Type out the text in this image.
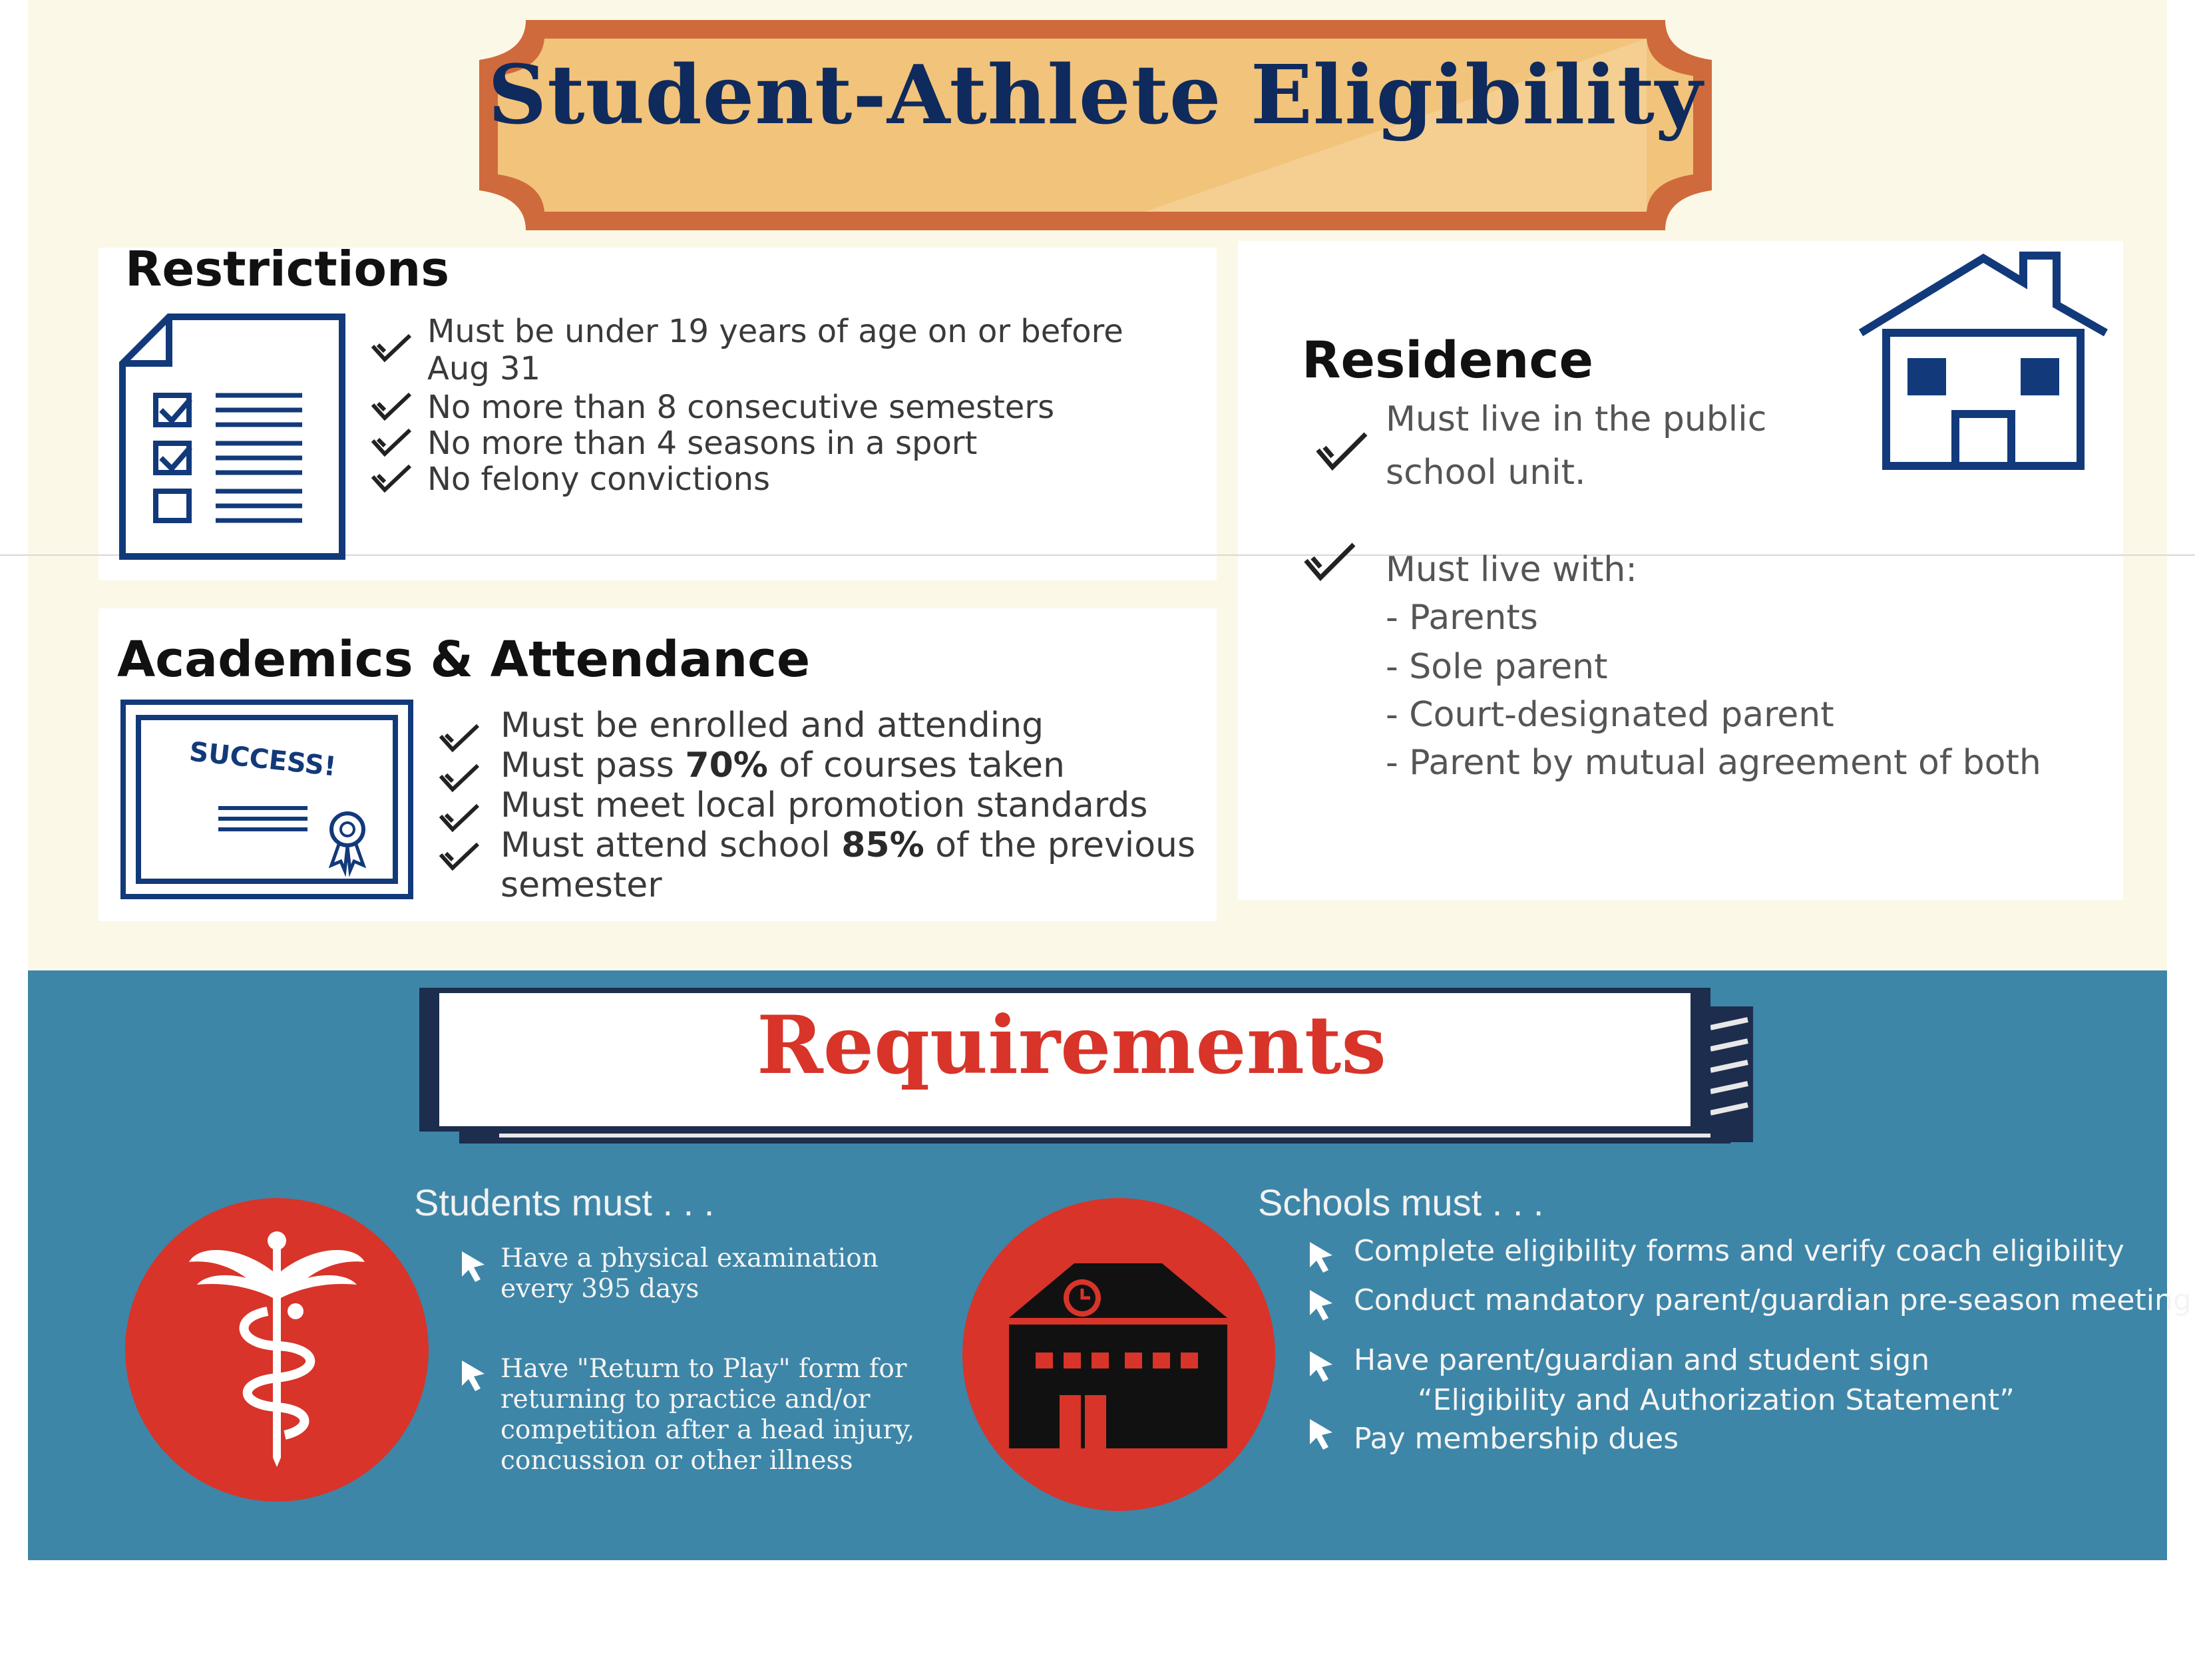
Student-Athlete Eligibility
Restrictions
Must be under 19 years of age on or before
Aug 31
No more than 8 consecutive semesters
No more than 4 seasons in a sport
No felony convictions
Academics & Attendance
SUCCESS!
Must be enrolled and attending
Must pass 70% of courses taken
Must meet local promotion standards
Must attend school 85% of the previous
semester
Residence
Must live in the public
school unit.
Must live with:
- Parents
- Sole parent
- Court-designated parent
- Parent by mutual agreement of both
Requirements
Students must . . .
Have a physical examination
every 395 days
Have "Return to Play" form for
returning to practice and/or
competition after a head injury,
concussion or other illness
Schools must . . .
Complete eligibility forms and verify coach eligibility
Conduct mandatory parent/guardian pre-season meeting
Have parent/guardian and student sign
“Eligibility and Authorization Statement”
Pay membership dues
